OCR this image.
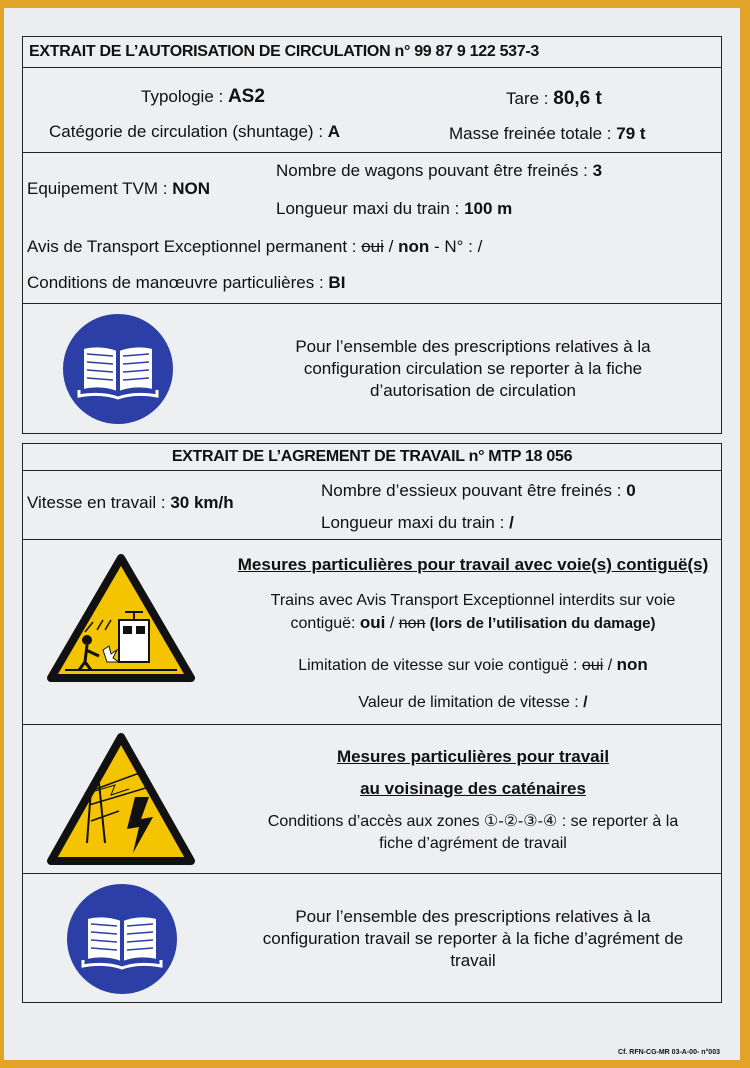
EXTRAIT DE L’AUTORISATION DE CIRCULATION n° 99 87 9 122 537-3
Typologie : AS2	Tare : 80,6 t
Catégorie de circulation (shuntage) : A	Masse freinée totale : 79 t
Equipement TVM : NON
Nombre de wagons pouvant être freinés : 3
Longueur maxi du train : 100 m
Avis de Transport Exceptionnel permanent : oui / non - N° : /
Conditions de manœuvre particulières : BI
Pour l’ensemble des prescriptions relatives à la
configuration circulation se reporter à la fiche
d’autorisation de circulation
EXTRAIT DE L’AGREMENT DE TRAVAIL n° MTP 18 056
Vitesse en travail : 30 km/h
Nombre d’essieux pouvant être freinés : 0
Longueur maxi du train : /
Mesures particulières pour travail avec voie(s) contiguë(s)
Trains avec Avis Transport Exceptionnel interdits sur voie
contiguë: oui / non (lors de l’utilisation du damage)
Limitation de vitesse sur voie contiguë : oui / non
Valeur de limitation de vitesse : /
Mesures particulières pour travail
au voisinage des caténaires
Conditions d’accès aux zones ①-②-③-④ : se reporter à la
fiche d’agrément de travail
Pour l’ensemble des prescriptions relatives à la
configuration travail se reporter à la fiche d’agrément de
travail
Cf. RFN-CG-MR 03-A-00- n°003
